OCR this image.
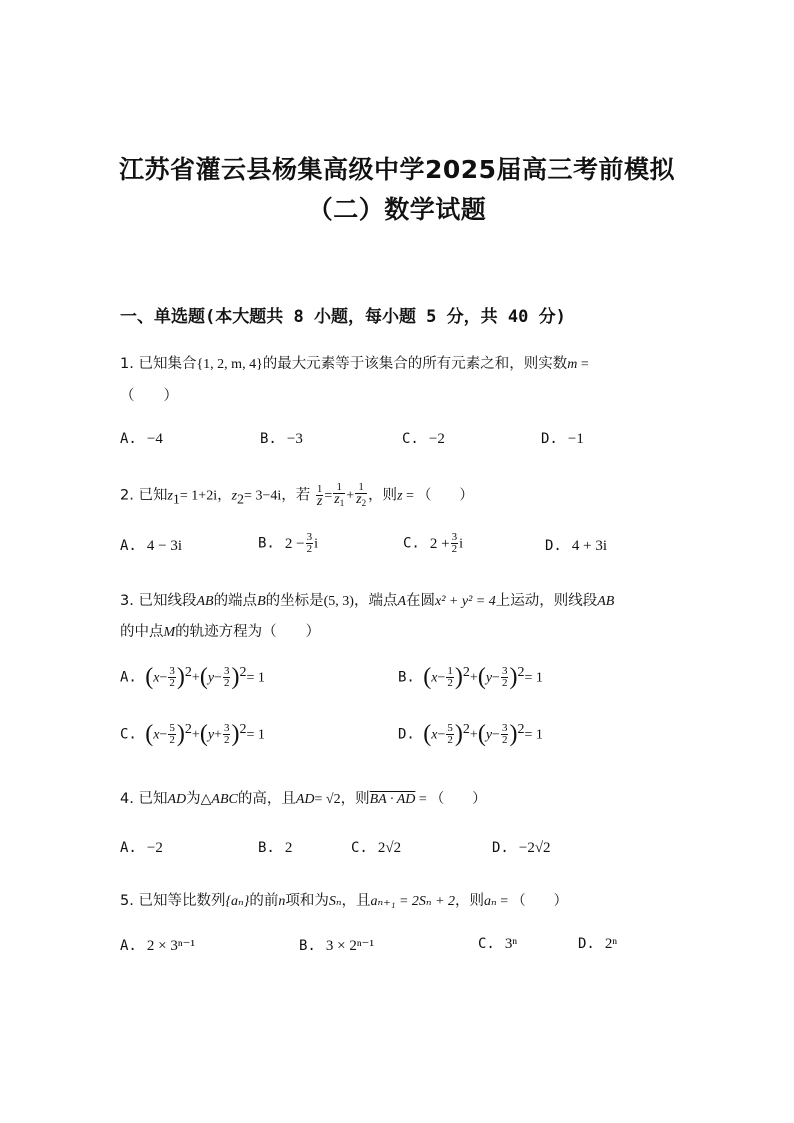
江苏省灌云县杨集高级中学2025届高三考前模拟
（二）数学试题
一、单选题(本大题共 8 小题，每小题 5 分，共 40 分)
1. 已知集合{1, 2, m, 4}的最大元素等于该集合的所有元素之和，则实数m =
（　　）
A. −4	B. −3	C. −2	D. −1
2. 已知$z_1= 1+2i$，$z_2= 3-4i$，若 $\frac{1}{z} = \frac{1}{z_1} + \frac{1}{z_2}$ ，则z = （　　）
A. 4 − 3i	B. $2 - \frac{3}{2}$ i	C. $2 + \frac{3}{2}$ i	D. 4 + 3i
3. 已知线段AB的端点B的坐标是(5, 3)，端点A在圆x² + y² = 4上运动，则线段AB
的中点M的轨迹方程为（　　）
A. $(x- \frac{3}{2} )^2+(y- \frac{3}{2} )^2= 1$	B. $(x- \frac{1}{2} )^2+(y- \frac{3}{2} )^2= 1$
C. $(x- \frac{5}{2} )^2+(y+ \frac{3}{2} )^2= 1$	D. $(x- \frac{5}{2} )^2+(y- \frac{3}{2} )^2= 1$
4. 已知AD为△ABC的高，且AD= √2，则BA · AD = （　　）
A. −2	B. 2	C. 2√2	D. −2√2
5. 已知等比数列{aₙ}的前n项和为Sₙ，且aₙ₊₁ = 2Sₙ + 2，则aₙ = （　　）
A. 2 × 3ⁿ⁻¹	B. 3 × 2ⁿ⁻¹	C. 3ⁿ	D. 2ⁿ
